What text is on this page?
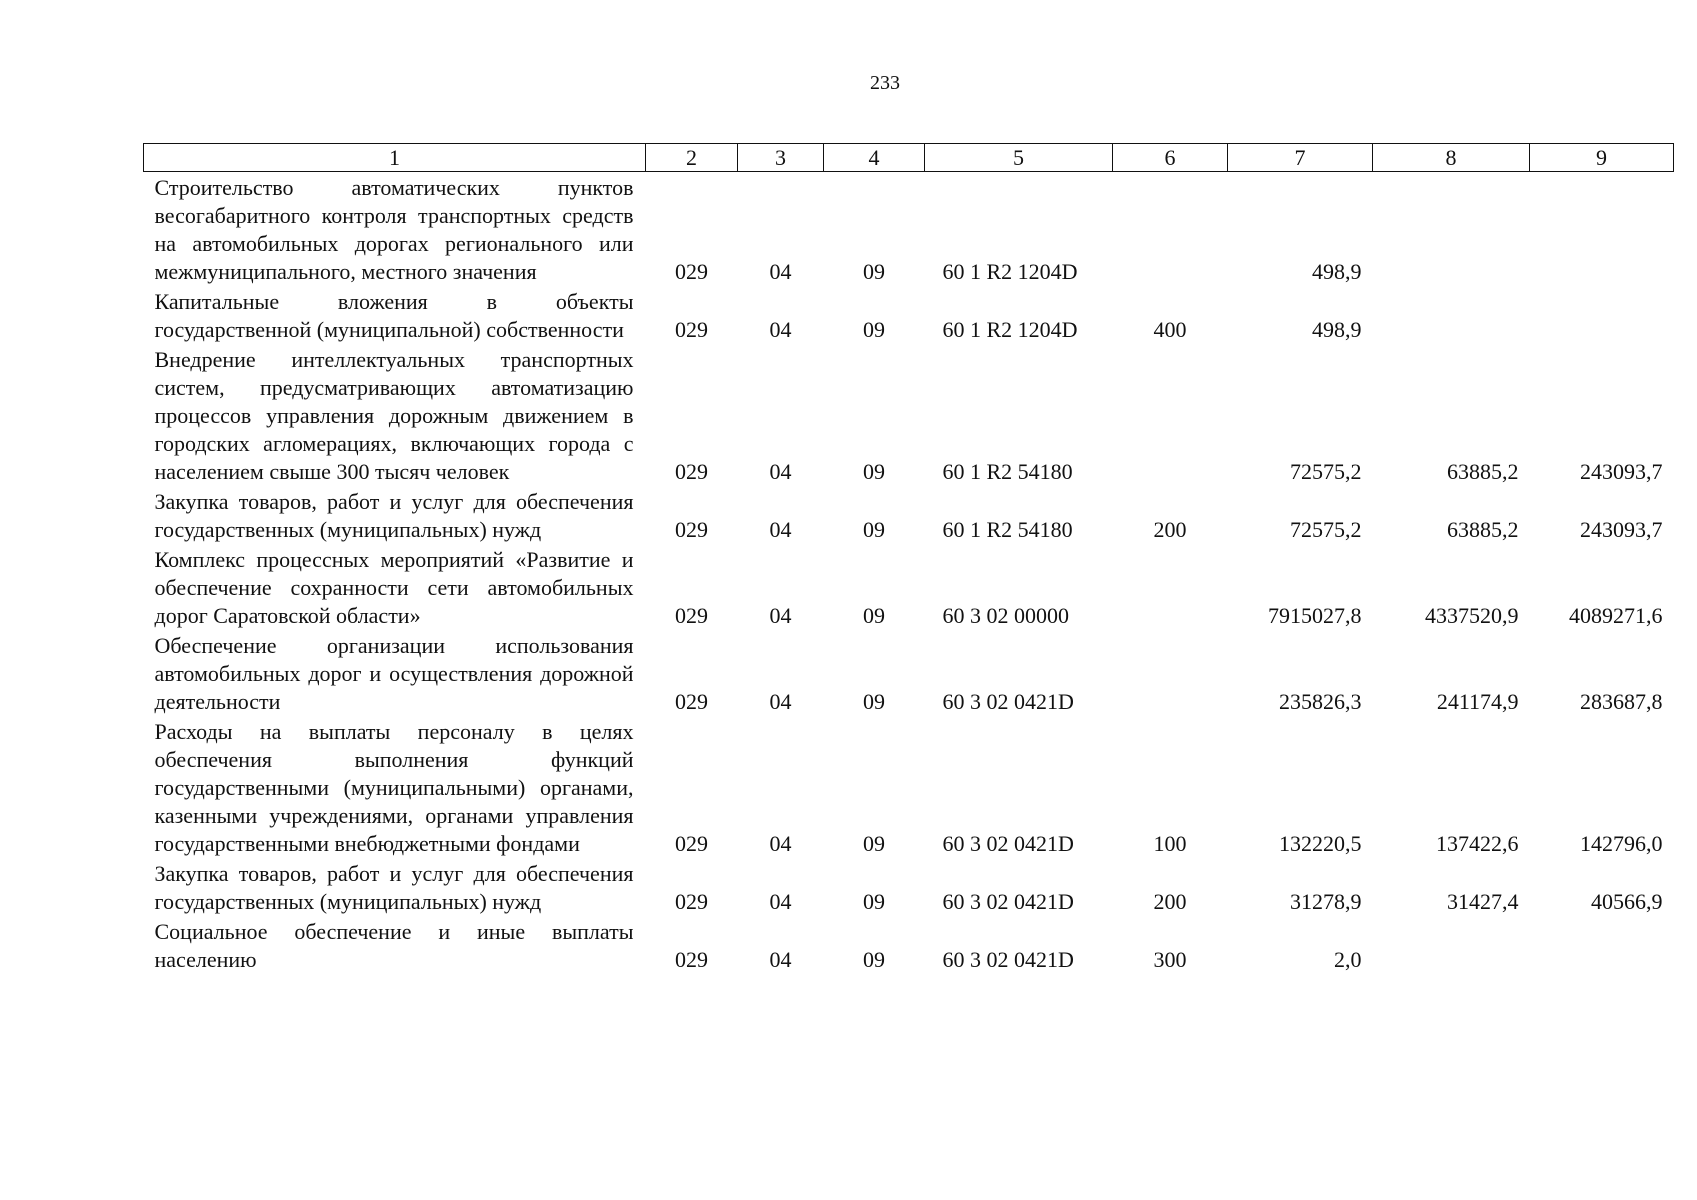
233
1	2	3	4	5	6	7	8	9
Строительство автоматических пунктов весогабаритного контроля транспортных средств на автомобильных дорогах регионального или межмуниципального, местного значения	029	04	09	60 1 R2 1204D		498,9		
Капитальные вложения в объекты государственной (муниципальной) собственности	029	04	09	60 1 R2 1204D	400	498,9		
Внедрение интеллектуальных транспортных систем, предусматривающих автоматизацию процессов управления дорожным движением в городских агломерациях, включающих города с населением свыше 300 тысяч человек	029	04	09	60 1 R2 54180		72575,2	63885,2	243093,7
Закупка товаров, работ и услуг для обеспечения государственных (муниципальных) нужд	029	04	09	60 1 R2 54180	200	72575,2	63885,2	243093,7
Комплекс процессных мероприятий «Развитие и обеспечение сохранности сети автомобильных дорог Саратовской области»	029	04	09	60 3 02 00000		7915027,8	4337520,9	4089271,6
Обеспечение организации использования автомобильных дорог и осуществления дорожной деятельности	029	04	09	60 3 02 0421D		235826,3	241174,9	283687,8
Расходы на выплаты персоналу в целях обеспечения выполнения функций государственными (муниципальными) органами, казенными учреждениями, органами управления государственными внебюджетными фондами	029	04	09	60 3 02 0421D	100	132220,5	137422,6	142796,0
Закупка товаров, работ и услуг для обеспечения государственных (муниципальных) нужд	029	04	09	60 3 02 0421D	200	31278,9	31427,4	40566,9
Социальное обеспечение и иные выплаты населению	029	04	09	60 3 02 0421D	300	2,0		
